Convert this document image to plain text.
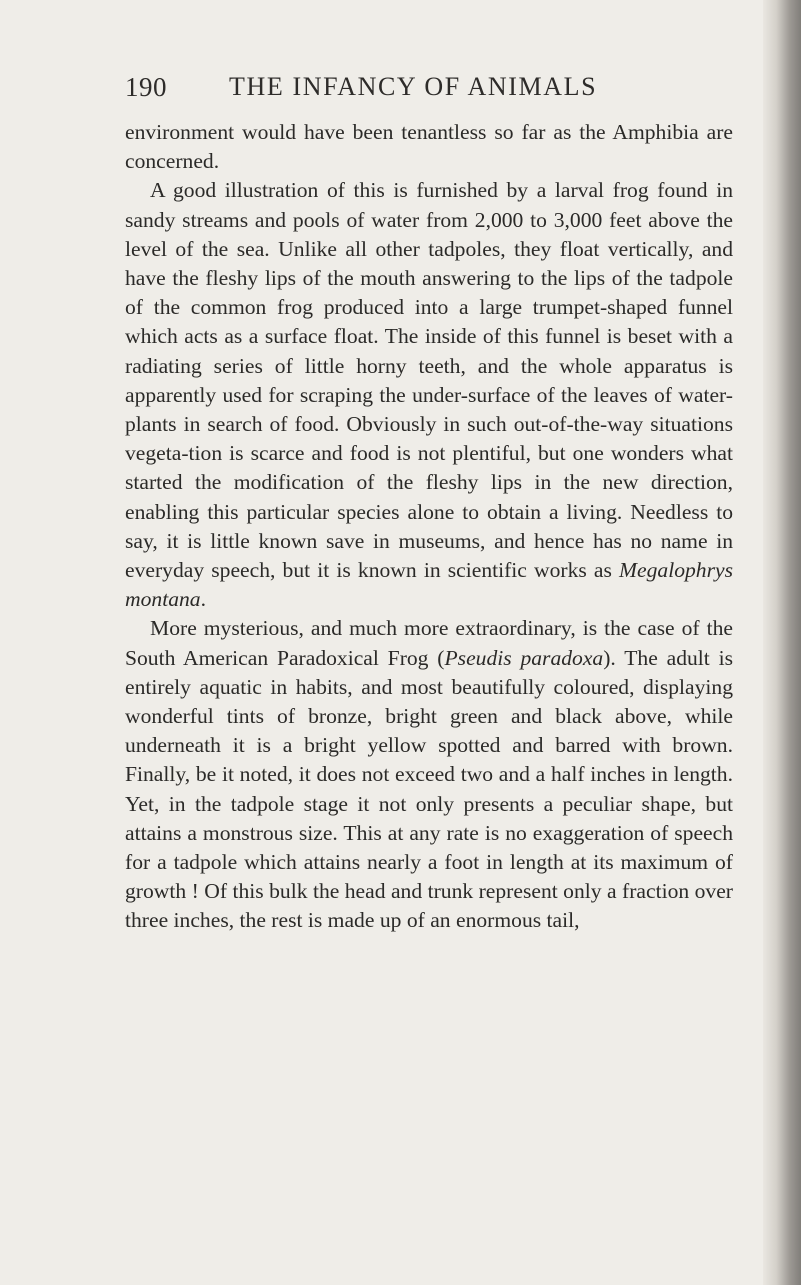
190 THE INFANCY OF ANIMALS

environment would have been tenantless so far as the Amphibia are concerned.

A good illustration of this is furnished by a larval frog found in sandy streams and pools of water from 2,000 to 3,000 feet above the level of the sea. Unlike all other tadpoles, they float vertically, and have the fleshy lips of the mouth answering to the lips of the tadpole of the common frog produced into a large trumpet-shaped funnel which acts as a surface float. The inside of this funnel is beset with a radiating series of little horny teeth, and the whole apparatus is apparently used for scraping the under-surface of the leaves of water-plants in search of food. Obviously in such out-of-the-way situations vegeta-tion is scarce and food is not plentiful, but one wonders what started the modification of the fleshy lips in the new direction, enabling this particular species alone to obtain a living. Needless to say, it is little known save in museums, and hence has no name in everyday speech, but it is known in scientific works as Megalophrys montana.

More mysterious, and much more extraordinary, is the case of the South American Paradoxical Frog (Pseudis paradoxa). The adult is entirely aquatic in habits, and most beautifully coloured, displaying wonderful tints of bronze, bright green and black above, while underneath it is a bright yellow spotted and barred with brown. Finally, be it noted, it does not exceed two and a half inches in length. Yet, in the tadpole stage it not only presents a peculiar shape, but attains a monstrous size. This at any rate is no exaggeration of speech for a tadpole which attains nearly a foot in length at its maximum of growth ! Of this bulk the head and trunk represent only a fraction over three inches, the rest is made up of an enormous tail,
